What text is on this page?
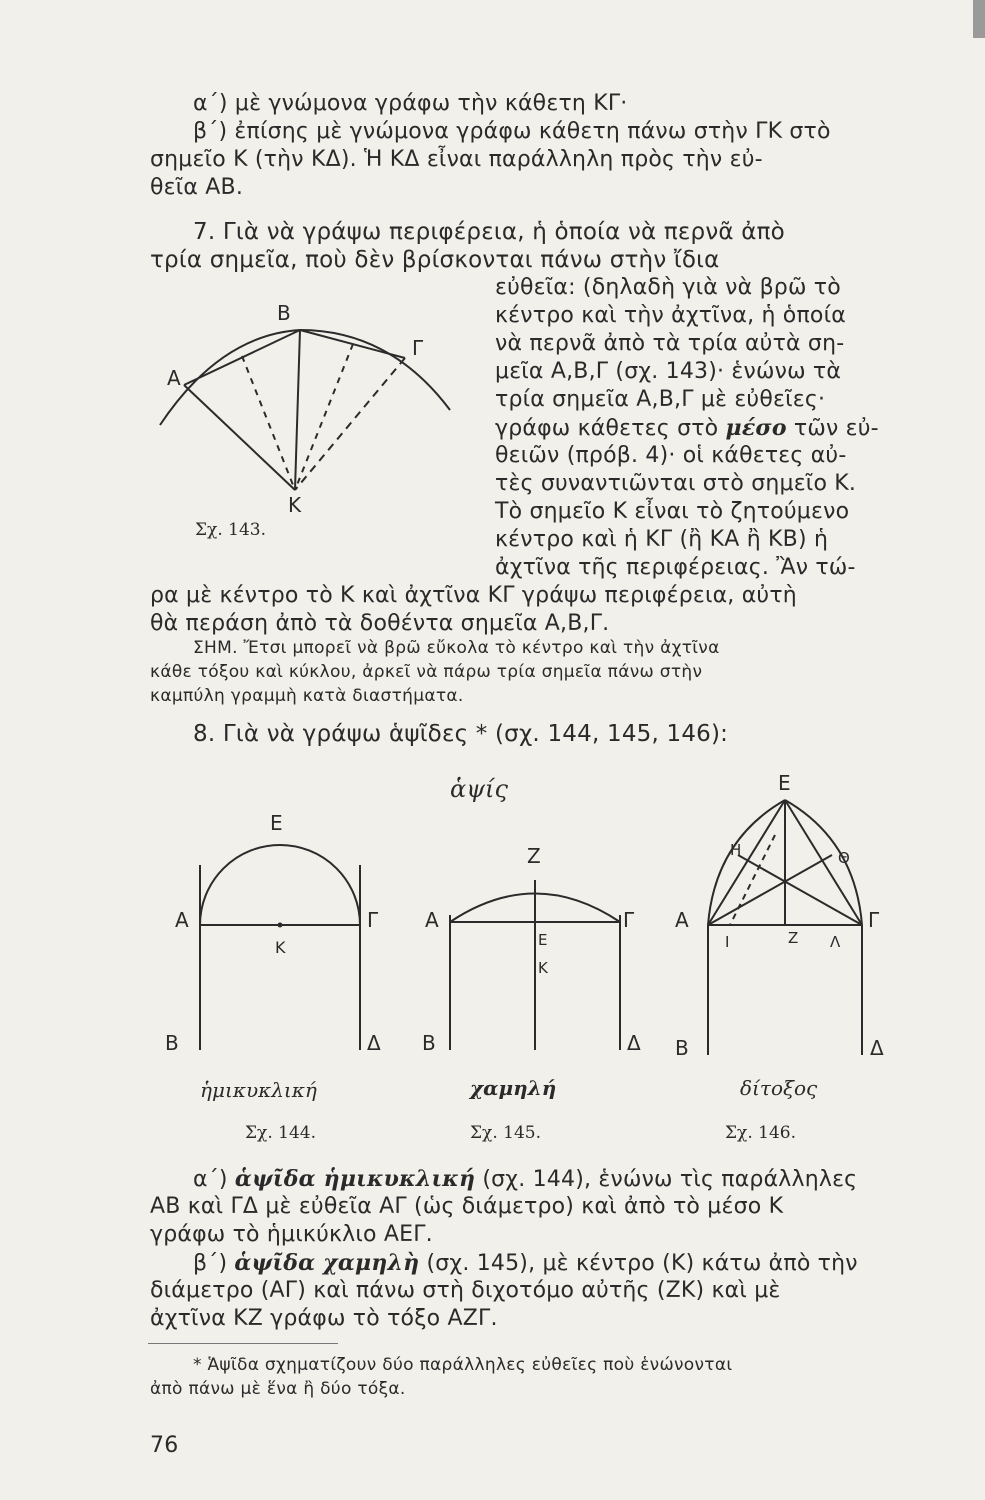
α΄) μὲ γνώμονα γράφω τὴν κάθετη ΚΓ·
β΄) ἐπίσης μὲ γνώμονα γράφω κάθετη πάνω στὴν ΓΚ στὸ
σημεῖο Κ (τὴν ΚΔ). Ἡ ΚΔ εἶναι παράλληλη πρὸς τὴν εὐ-
θεῖα ΑΒ.
7. Γιὰ νὰ γράψω περιφέρεια, ἡ ὁποία νὰ περνᾶ ἀπὸ
τρία σημεῖα, ποὺ δὲν βρίσκονται πάνω στὴν ἴδια
εὐθεῖα: (δηλαδὴ γιὰ νὰ βρῶ τὸ
κέντρο καὶ τὴν ἀχτῖνα, ἡ ὁποία
νὰ περνᾶ ἀπὸ τὰ τρία αὐτὰ ση-
μεῖα Α,Β,Γ (σχ. 143)· ἑνώνω τὰ
τρία σημεῖα Α,Β,Γ μὲ εὐθεῖες·
γράφω κάθετες στὸ μέσο τῶν εὐ-
θειῶν (πρόβ. 4)· οἱ κάθετες αὐ-
τὲς συναντιῶνται στὸ σημεῖο Κ.
Τὸ σημεῖο Κ εἶναι τὸ ζητούμενο
κέντρο καὶ ἡ ΚΓ (ἢ ΚΑ ἢ ΚΒ) ἡ
ἀχτῖνα τῆς περιφέρειας. Ἂν τώ-
ρα μὲ κέντρο τὸ Κ καὶ ἀχτῖνα ΚΓ γράψω περιφέρεια, αὐτὴ
θὰ περάση ἀπὸ τὰ δοθέντα σημεῖα Α,Β,Γ.
Α
Β
Γ
Κ
Σχ. 143.
ΣΗΜ. Ἔτσι μπορεῖ νὰ βρῶ εὔκολα τὸ κέντρο καὶ τὴν ἀχτῖνα
κάθε τόξου καὶ κύκλου, ἀρκεῖ νὰ πάρω τρία σημεῖα πάνω στὴν
καμπύλη γραμμὴ κατὰ διαστήματα.
8. Γιὰ νὰ γράψω ἁψῖδες * (σχ. 144, 145, 146):
ἁψίς
Ε
Α	Γ
Κ
Β	Δ
ἡμικυκλική
Σχ. 144.
Ζ
Α	Γ
Ε
Κ
Β	Δ
χαμηλή
Σχ. 145.
Ε
Η	Θ
Α	Γ
Ι	Ζ Λ
Β	Δ
δίτοξος
Σχ. 146.
α΄) ἁψῖδα ἡμικυκλική (σχ. 144), ἑνώνω τὶς παράλληλες
ΑΒ καὶ ΓΔ μὲ εὐθεῖα ΑΓ (ὡς διάμετρο) καὶ ἀπὸ τὸ μέσο Κ
γράφω τὸ ἡμικύκλιο ΑΕΓ.
β΄) ἁψῖδα χαμηλὴ (σχ. 145), μὲ κέντρο (Κ) κάτω ἀπὸ τὴν
διάμετρο (ΑΓ) καὶ πάνω στὴ διχοτόμο αὐτῆς (ΖΚ) καὶ μὲ
ἀχτῖνα ΚΖ γράφω τὸ τόξο ΑΖΓ.
* Ἁψῖδα σχηματίζουν δύο παράλληλες εὐθεῖες ποὺ ἑνώνονται
ἀπὸ πάνω μὲ ἕνα ἢ δύο τόξα.
76
